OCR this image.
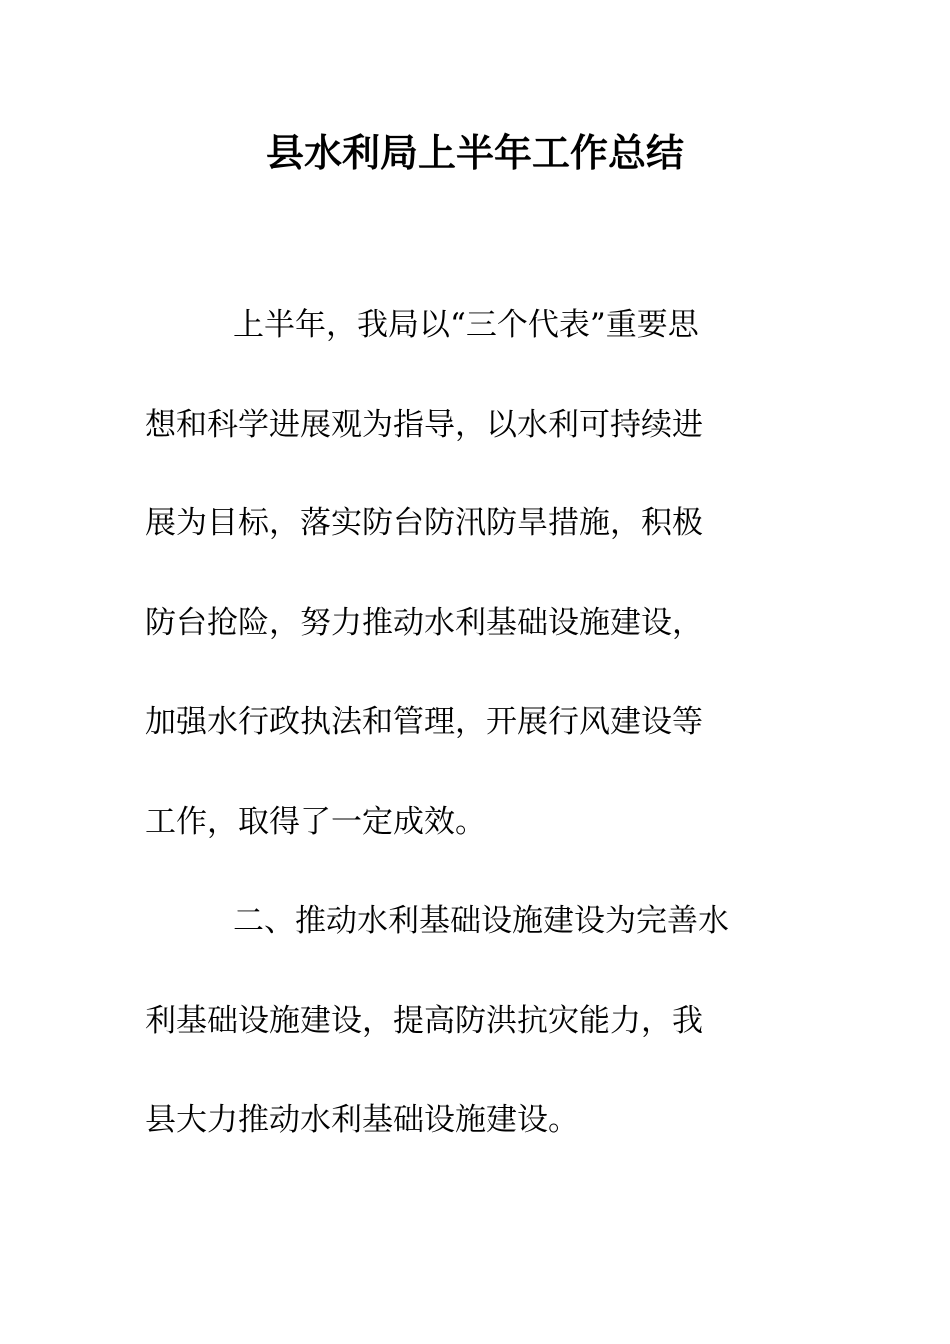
县水利局上半年工作总结

上半年，我局以“三个代表”重要思

想和科学进展观为指导，以水利可持续进

展为目标，落实防台防汛防旱措施，积极

防台抢险，努力推动水利基础设施建设，

加强水行政执法和管理，开展行风建设等

工作，取得了一定成效。

二、推动水利基础设施建设为完善水

利基础设施建设，提高防洪抗灾能力，我

县大力推动水利基础设施建设。
